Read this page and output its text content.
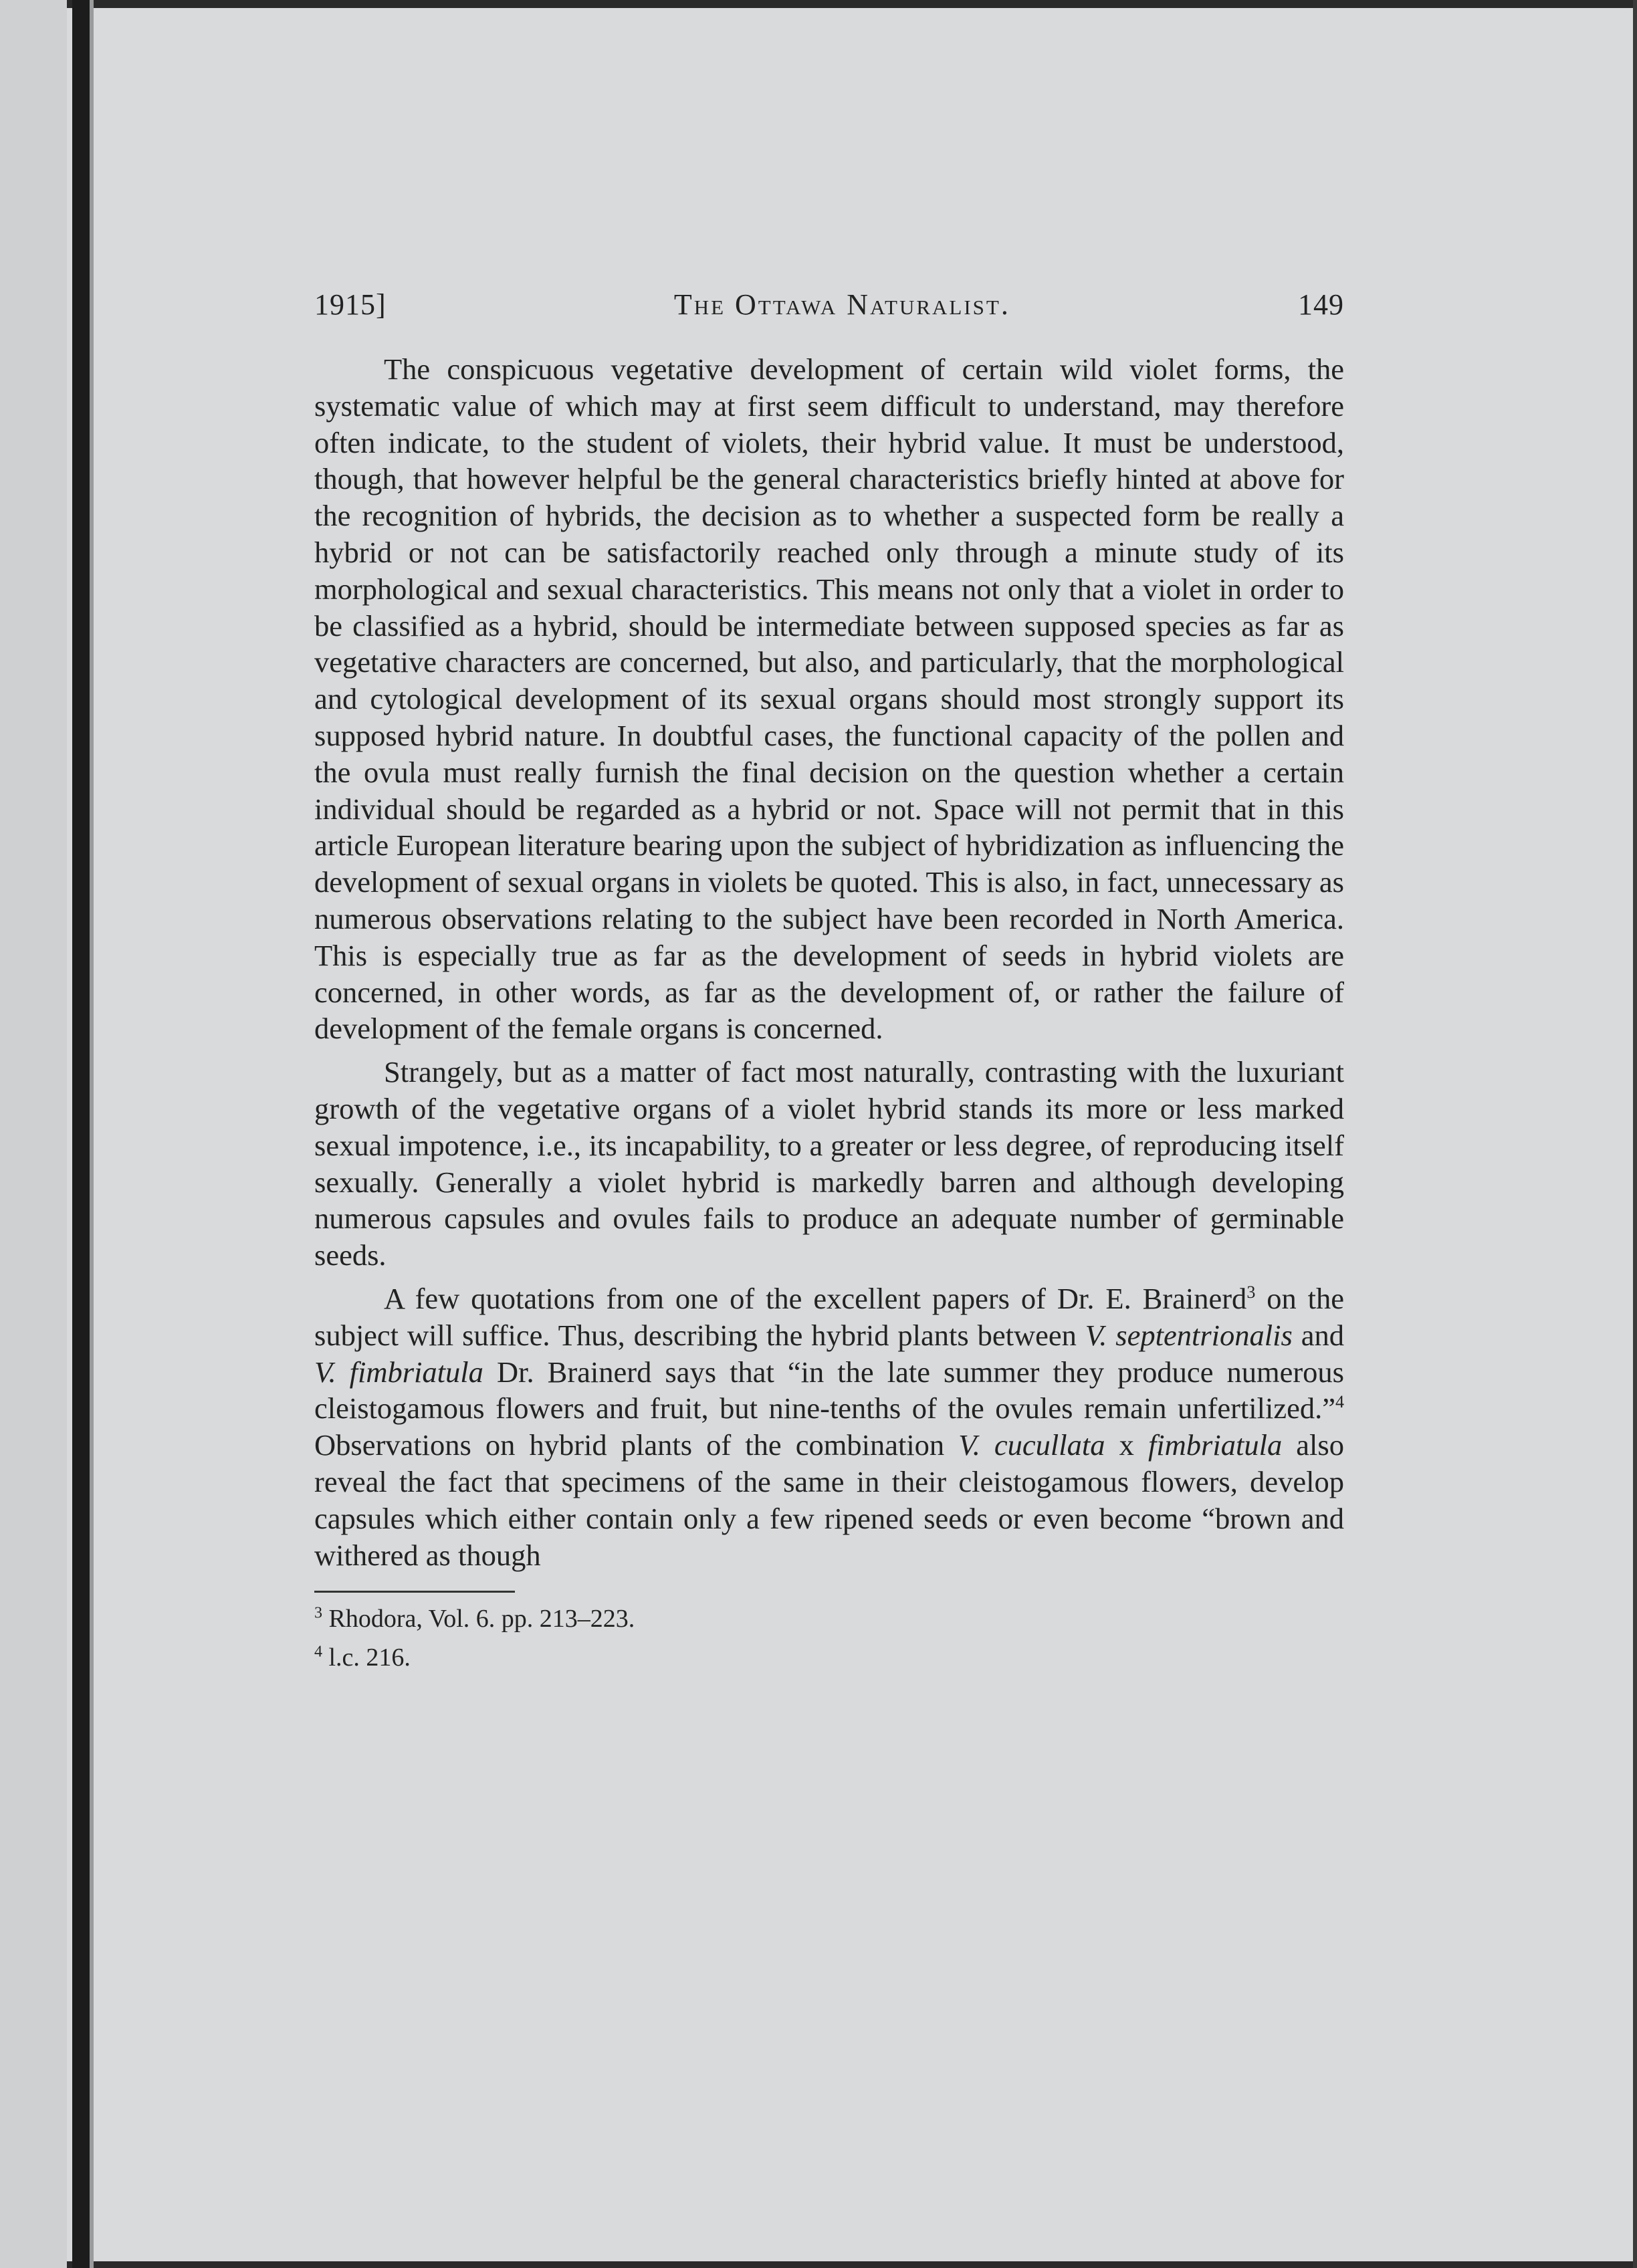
1915]	The Ottawa Naturalist.	149

The conspicuous vegetative development of certain wild violet forms, the systematic value of which may at first seem difficult to understand, may therefore often indicate, to the student of violets, their hybrid value. It must be understood, though, that however helpful be the general characteristics briefly hinted at above for the recognition of hybrids, the decision as to whether a suspected form be really a hybrid or not can be satisfactorily reached only through a minute study of its morphological and sexual characteristics. This means not only that a violet in order to be classified as a hybrid, should be intermediate between supposed species as far as vegetative characters are concerned, but also, and particularly, that the morphological and cytological development of its sexual organs should most strongly support its supposed hybrid nature. In doubtful cases, the functional capacity of the pollen and the ovula must really furnish the final decision on the question whether a certain individual should be regarded as a hybrid or not. Space will not permit that in this article European literature bearing upon the subject of hybridization as influencing the development of sexual organs in violets be quoted. This is also, in fact, unnecessary as numerous observations relating to the subject have been recorded in North America. This is especially true as far as the development of seeds in hybrid violets are concerned, in other words, as far as the development of, or rather the failure of development of the female organs is concerned.

Strangely, but as a matter of fact most naturally, contrasting with the luxuriant growth of the vegetative organs of a violet hybrid stands its more or less marked sexual impotence, i.e., its incapability, to a greater or less degree, of reproducing itself sexually. Generally a violet hybrid is markedly barren and although developing numerous capsules and ovules fails to produce an adequate number of germinable seeds.

A few quotations from one of the excellent papers of Dr. E. Brainerd$^3$ on the subject will suffice. Thus, describing the hybrid plants between V. septentrionalis and V. fimbriatula Dr. Brainerd says that “in the late summer they produce numerous cleistogamous flowers and fruit, but nine-tenths of the ovules remain unfertilized.”$^4$ Observations on hybrid plants of the combination V. cucullata x fimbriatula also reveal the fact that specimens of the same in their cleistogamous flowers, develop capsules which either contain only a few ripened seeds or even become “brown and withered as though

$^3$ Rhodora, Vol. 6. pp. 213–223.
$^4$ l.c. 216.
